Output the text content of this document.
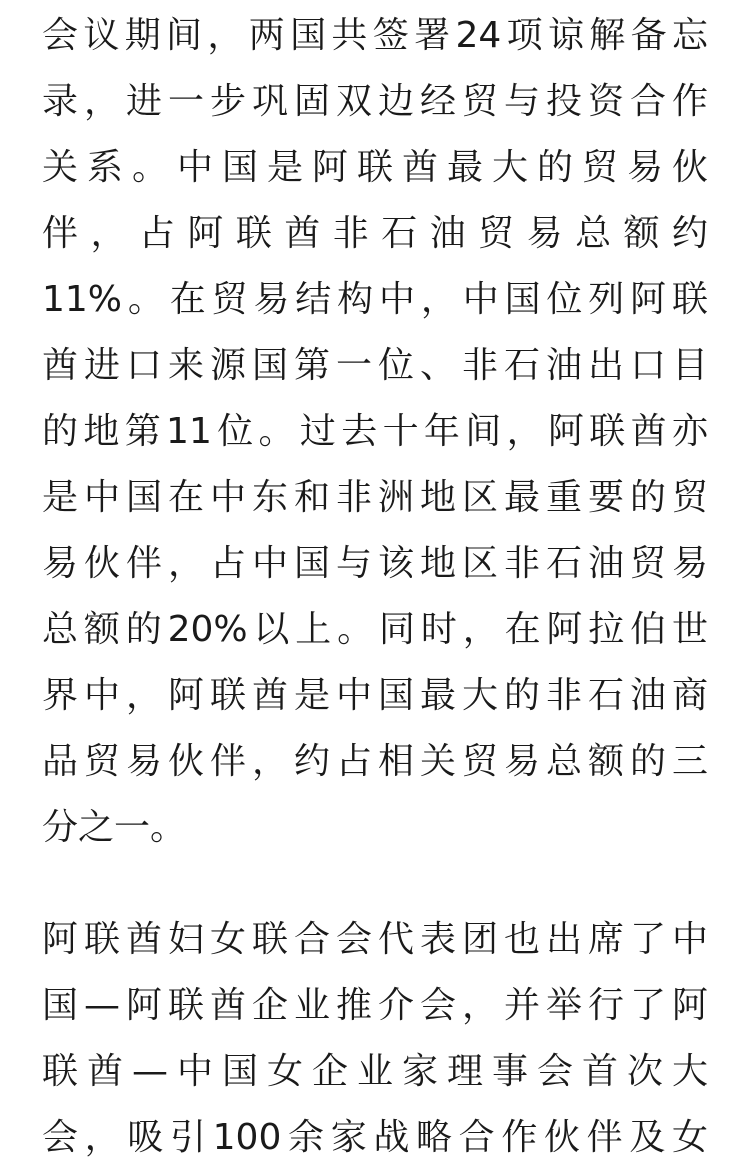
会议期间，两国共签署24项谅解备忘
录，进一步巩固双边经贸与投资合作
关系。中国是阿联酋最大的贸易伙
伴，占阿联酋非石油贸易总额约
11%。在贸易结构中，中国位列阿联
酋进口来源国第一位、非石油出口目
的地第11位。过去十年间，阿联酋亦
是中国在中东和非洲地区最重要的贸
易伙伴，占中国与该地区非石油贸易
总额的20%以上。同时，在阿拉伯世
界中，阿联酋是中国最大的非石油商
品贸易伙伴，约占相关贸易总额的三
分之一。
阿联酋妇女联合会代表团也出席了中
国—阿联酋企业推介会，并举行了阿
联酋—中国女企业家理事会首次大
会，吸引100余家战略合作伙伴及女
